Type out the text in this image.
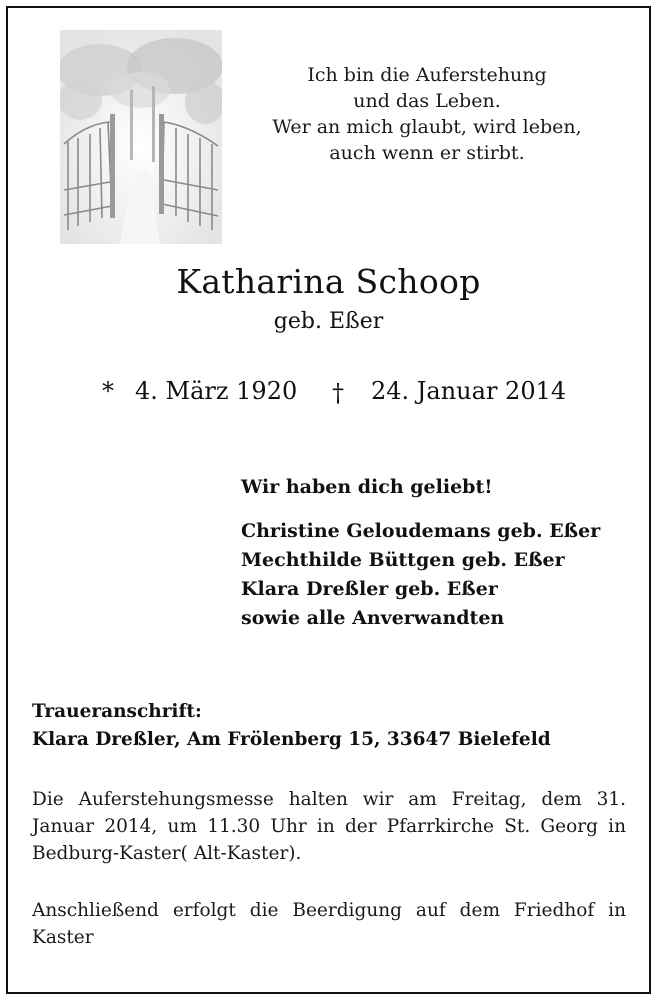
Ich bin die Auferstehung
und das Leben.
Wer an mich glaubt, wird leben,
auch wenn er stirbt.
Katharina Schoop
geb. Eßer
* 4. März 1920 † 24. Januar 2014
Wir haben dich geliebt!
Christine Geloudemans geb. Eßer
Mechthilde Büttgen geb. Eßer
Klara Dreßler geb. Eßer
sowie alle Anverwandten
Traueranschrift:
Klara Dreßler, Am Frölenberg 15, 33647 Bielefeld
Die Auferstehungsmesse halten wir am Freitag, dem 31. Januar 2014, um 11.30 Uhr in der Pfarrkirche St. Georg in Bedburg-Kaster( Alt-Kaster).
Anschließend erfolgt die Beerdigung auf dem Friedhof in Kaster
